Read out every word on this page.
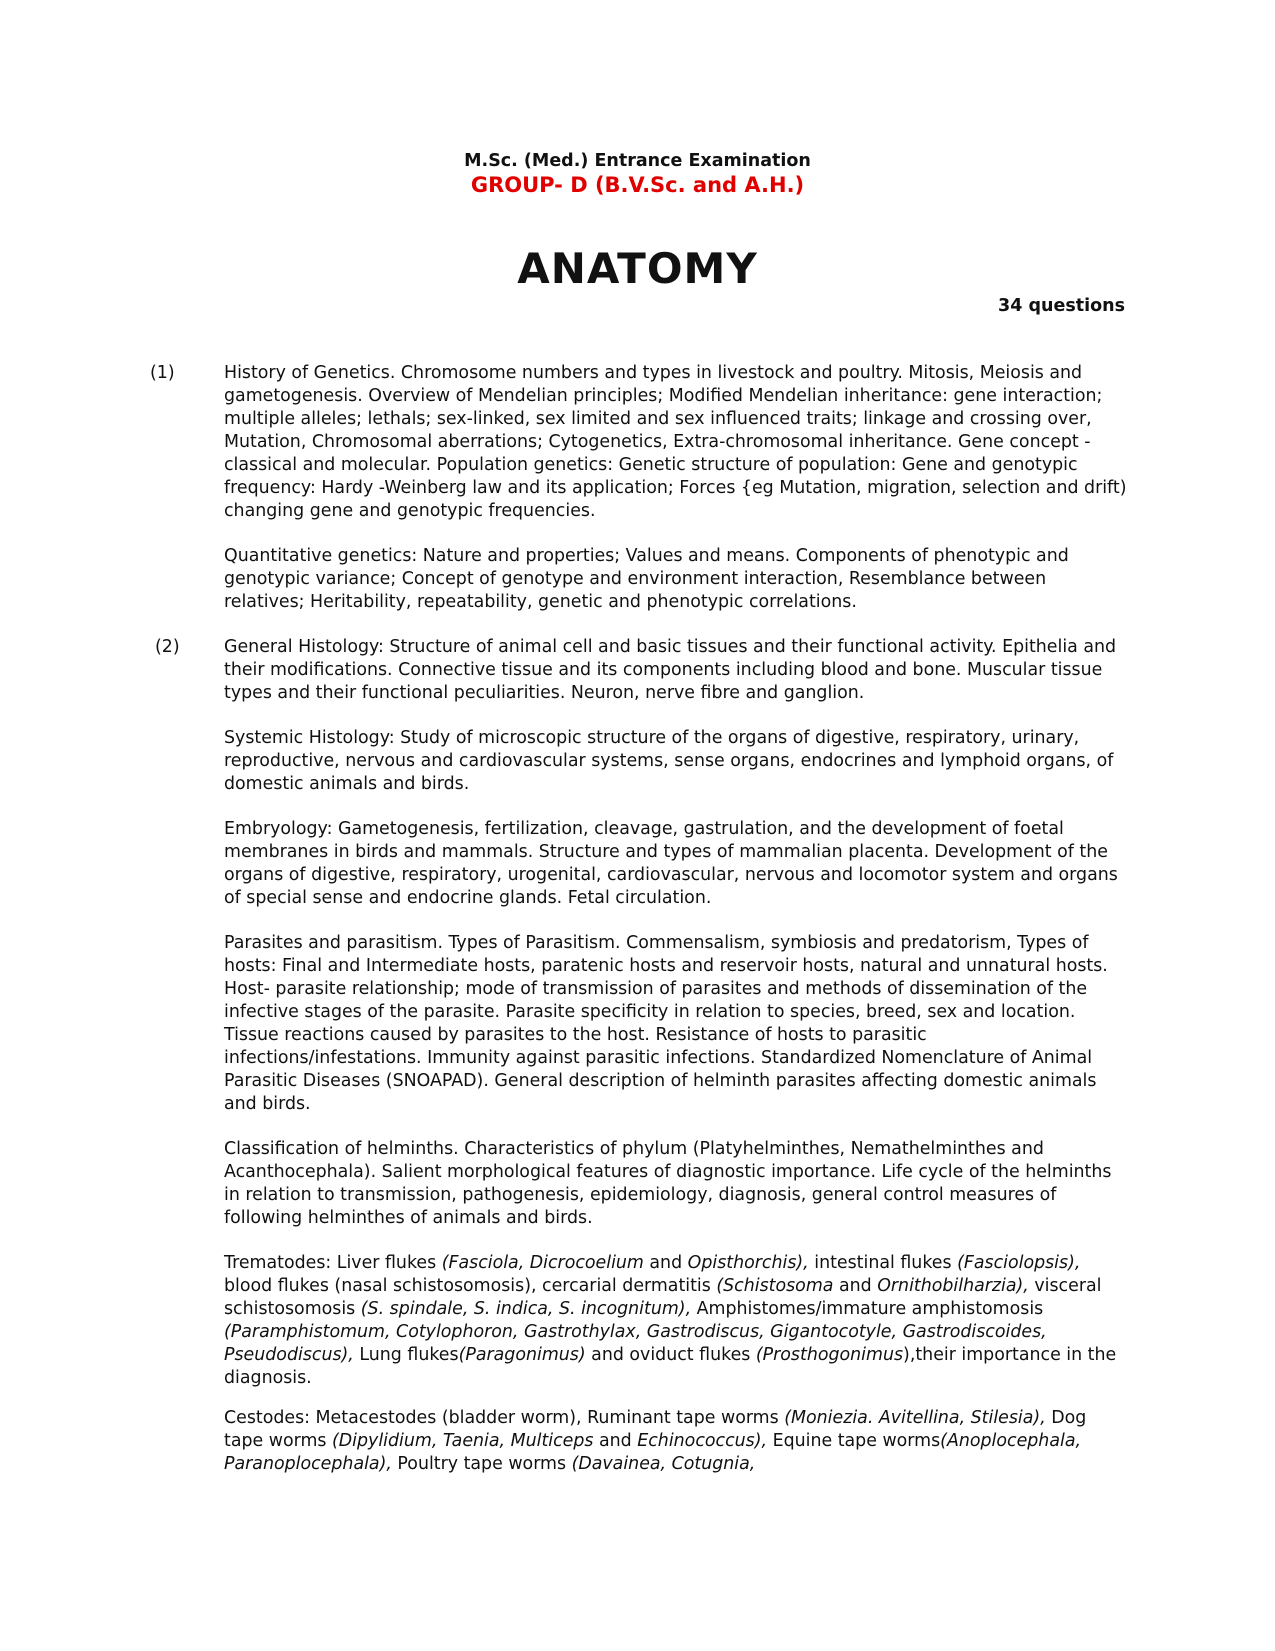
M.Sc. (Med.) Entrance Examination
GROUP- D (B.V.Sc. and A.H.)
ANATOMY
34 questions
(1)	History of Genetics. Chromosome numbers and types in livestock and poultry. Mitosis, Meiosis and gametogenesis. Overview of Mendelian principles; Modified Mendelian inheritance: gene interaction; multiple alleles; lethals; sex-linked, sex limited and sex influenced traits; linkage and crossing over, Mutation, Chromosomal aberrations; Cytogenetics, Extra-chromosomal inheritance. Gene concept -classical and molecular. Population genetics: Genetic structure of population: Gene and genotypic frequency: Hardy -Weinberg law and its application; Forces {eg Mutation, migration, selection and drift) changing gene and genotypic frequencies.

Quantitative genetics: Nature and properties; Values and means. Components of phenotypic and genotypic variance; Concept of genotype and environment interaction, Resemblance between relatives; Heritability, repeatability, genetic and phenotypic correlations.

(2)	General Histology: Structure of animal cell and basic tissues and their functional activity. Epithelia and their modifications. Connective tissue and its components including blood and bone. Muscular tissue types and their functional peculiarities. Neuron, nerve fibre and ganglion.

Systemic Histology: Study of microscopic structure of the organs of digestive, respiratory, urinary, reproductive, nervous and cardiovascular systems, sense organs, endocrines and lymphoid organs, of domestic animals and birds.

Embryology: Gametogenesis, fertilization, cleavage, gastrulation, and the development of foetal membranes in birds and mammals. Structure and types of mammalian placenta. Development of the organs of digestive, respiratory, urogenital, cardiovascular, nervous and locomotor system and organs of special sense and endocrine glands. Fetal circulation.

Parasites and parasitism. Types of Parasitism. Commensalism, symbiosis and predatorism, Types of hosts: Final and Intermediate hosts, paratenic hosts and reservoir hosts, natural and unnatural hosts. Host- parasite relationship; mode of transmission of parasites and methods of dissemination of the infective stages of the parasite. Parasite specificity in relation to species, breed, sex and location. Tissue reactions caused by parasites to the host. Resistance of hosts to parasitic infections/infestations. Immunity against parasitic infections. Standardized Nomenclature of Animal Parasitic Diseases (SNOAPAD). General description of helminth parasites affecting domestic animals and birds.

Classification of helminths. Characteristics of phylum (Platyhelminthes, Nemathelminthes and Acanthocephala). Salient morphological features of diagnostic importance. Life cycle of the helminths in relation to transmission, pathogenesis, epidemiology, diagnosis, general control measures of following helminthes of animals and birds.

Trematodes: Liver flukes (Fasciola, Dicrocoelium and Opisthorchis), intestinal flukes (Fasciolopsis), blood flukes (nasal schistosomosis), cercarial dermatitis (Schistosoma and Ornithobilharzia), visceral schistosomosis (S. spindale, S. indica, S. incognitum), Amphistomes/immature amphistomosis (Paramphistomum, Cotylophoron, Gastrothylax, Gastrodiscus, Gigantocotyle, Gastrodiscoides, Pseudodiscus), Lung flukes(Paragonimus) and oviduct flukes (Prosthogonimus),their importance in the diagnosis.

Cestodes: Metacestodes (bladder worm), Ruminant tape worms (Moniezia. Avitellina, Stilesia), Dog tape worms (Dipylidium, Taenia, Multiceps and Echinococcus), Equine tape worms(Anoplocephala, Paranoplocephala), Poultry tape worms (Davainea, Cotugnia,
